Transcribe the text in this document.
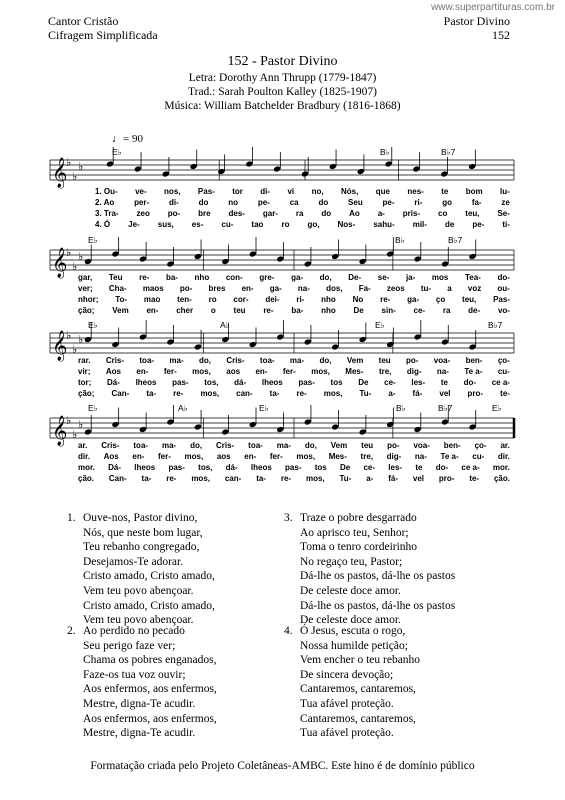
www.superpartituras.com.br
Cantor Cristão
Cifragem Simplificada
Pastor Divino
152
152 - Pastor Divino
Letra: Dorothy Ann Thrupp (1779-1847)
Trad.: Sarah Poulton Kalley (1825-1907)
Música: William Batchelder Bradbury (1816-1868)
♩= 90
𝄞
♭
♭
♭
𝄞
♭
♭
♭
𝄞
♭
♭
♭
𝄞
♭
♭
♭
E♭	B♭	B♭7
E♭	B♭	B♭7
E♭	A♭	E♭	B♭7
E♭	A♭	E♭	B♭	B♭7	E♭
1. Ou- ve- nos, Pas- tor di- vi no, Nós, que nes- te bom lu-
2. Ao per- di- do no pe- ca do Seu pe- ri- go fa- ze
3. Tra- zeo po- bre des- gar- ra do Ao a- pris- co teu, Se-
4. Ó Je- sus, es- cu- tao ro go, Nos- sahu- mil- de pe- ti-
gar, Teu re- ba- nho con- gre- ga- do, De- se- ja- mos Tea- do-
ver; Cha- maos po- bres en- ga- na- dos, Fa- zeos tu- a voz ou-
nhor; To- mao ten- ro cor- dei- ri- nho No re- ga- ço teu, Pas-
ção; Vem en- cher o teu re- ba- nho De sin- ce- ra de- vo-
rar. Cris- toa- ma- do, Cris- toa- ma- do, Vem teu po- voa- ben- ço-
vir; Aos en- fer- mos, aos en- fer- mos, Mes- tre, dig- na- Te a- cu-
tor; Dá- lheos pas- tos, dá- lheos pas- tos De ce- les- te do- ce a-
ção; Can- ta- re- mos, can- ta- re- mos, Tu- a- fá- vel pro- te-
ar. Cris- toa- ma- do, Cris- toa- ma- do, Vem teu po- voa- ben- ço- ar.
dir. Aos en- fer- mos, aos en- fer- mos, Mes- tre, dig- na- Te a- cu- dir.
mor. Dá- lheos pas- tos, dá- lheos pas- tos De ce- les- te do- ce a- mor.
ção. Can- ta- re- mos, can- ta- re- mos, Tu- a- fá- vel pro- te- ção.
1. Ouve-nos, Pastor divino,
Nós, que neste bom lugar,
Teu rebanho congregado,
Desejamos-Te adorar.
Cristo amado, Cristo amado,
Vem teu povo abençoar.
Cristo amado, Cristo amado,
Vem teu povo abençoar.
2. Ao perdido no pecado
Seu perigo faze ver;
Chama os pobres enganados,
Faze-os tua voz ouvir;
Aos enfermos, aos enfermos,
Mestre, digna-Te acudir.
Aos enfermos, aos enfermos,
Mestre, digna-Te acudir.
3. Traze o pobre desgarrado
Ao aprisco teu, Senhor;
Toma o tenro cordeirinho
No regaço teu, Pastor;
Dá-lhe os pastos, dá-lhe os pastos
De celeste doce amor.
Dá-lhe os pastos, dá-lhe os pastos
De celeste doce amor.
4. Ó Jesus, escuta o rogo,
Nossa humilde petição;
Vem encher o teu rebanho
De sincera devoção;
Cantaremos, cantaremos,
Tua afável proteção.
Cantaremos, cantaremos,
Tua afável proteção.
Formatação criada pelo Projeto Coletâneas-AMBC. Este hino é de domínio público
